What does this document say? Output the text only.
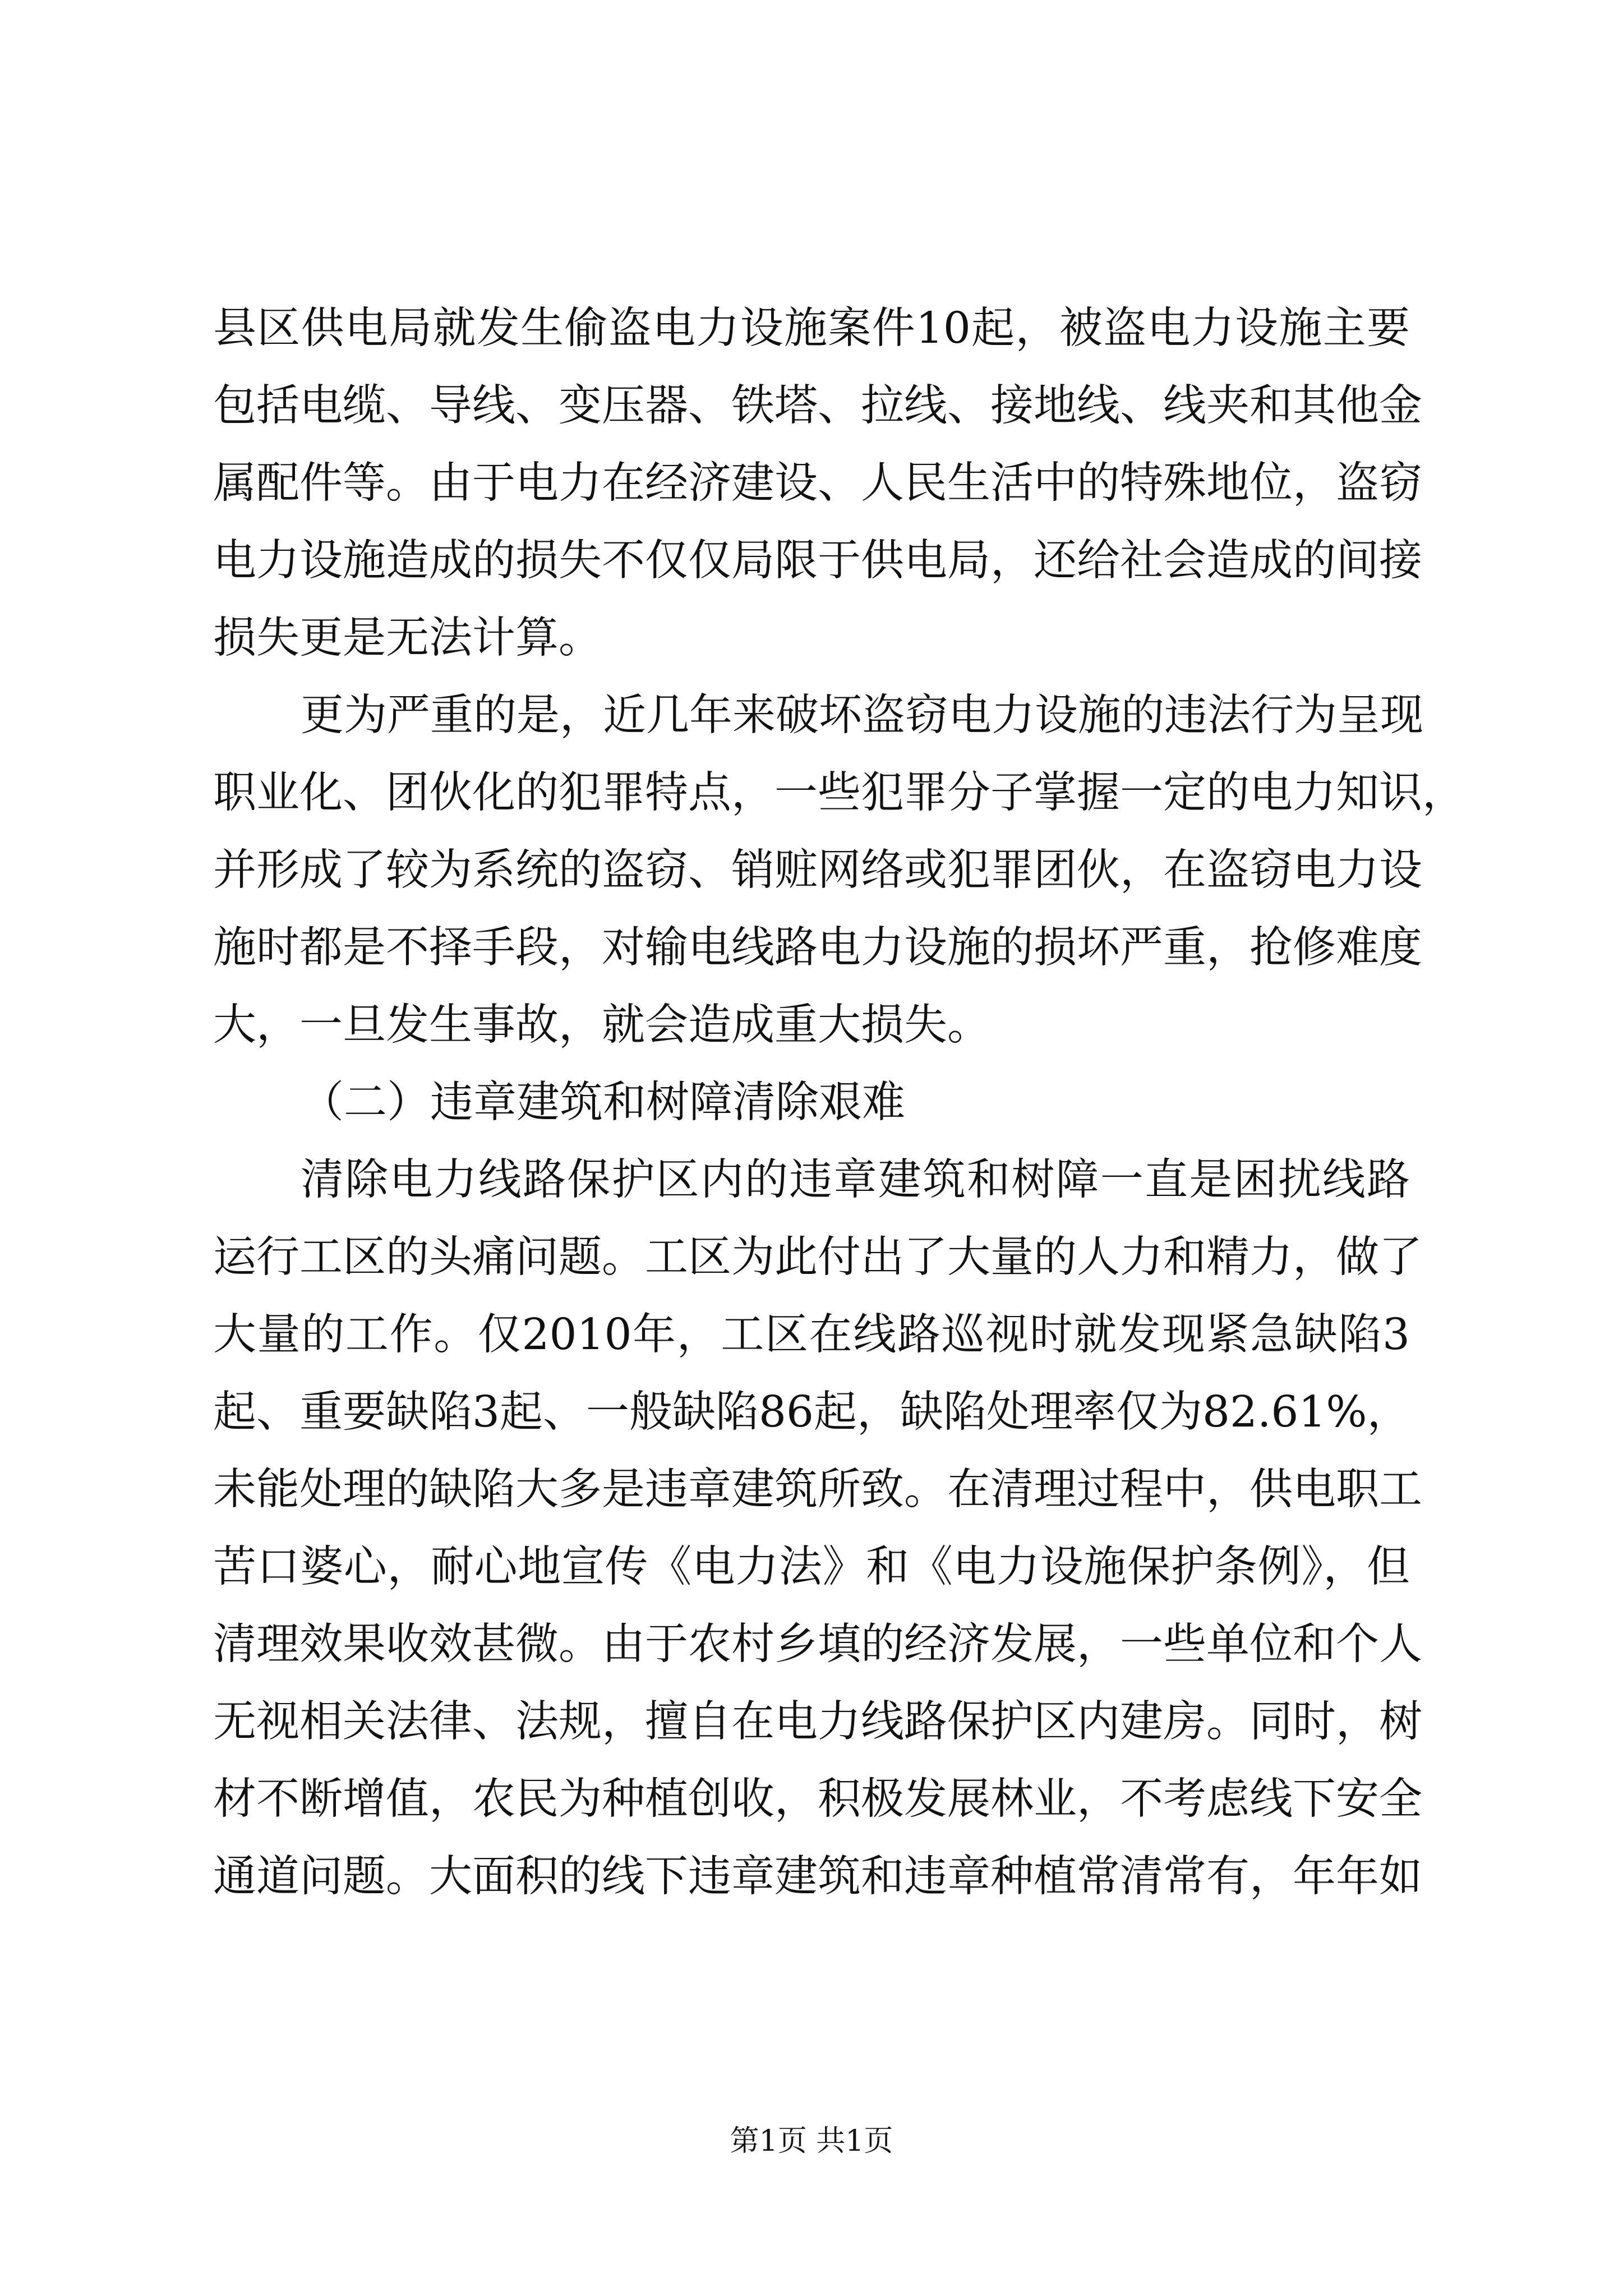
县区供电局就发生偷盗电力设施案件10起，被盗电力设施主要
包括电缆、导线、变压器、铁塔、拉线、接地线、线夹和其他金
属配件等。由于电力在经济建设、人民生活中的特殊地位，盗窃
电力设施造成的损失不仅仅局限于供电局，还给社会造成的间接
损失更是无法计算。
更为严重的是，近几年来破坏盗窃电力设施的违法行为呈现
职业化、团伙化的犯罪特点，一些犯罪分子掌握一定的电力知识，
并形成了较为系统的盗窃、销赃网络或犯罪团伙，在盗窃电力设
施时都是不择手段，对输电线路电力设施的损坏严重，抢修难度
大，一旦发生事故，就会造成重大损失。
（二）违章建筑和树障清除艰难
清除电力线路保护区内的违章建筑和树障一直是困扰线路
运行工区的头痛问题。工区为此付出了大量的人力和精力，做了
大量的工作。仅2010年，工区在线路巡视时就发现紧急缺陷3
起、重要缺陷3起、一般缺陷86起，缺陷处理率仅为82.61%，
未能处理的缺陷大多是违章建筑所致。在清理过程中，供电职工
苦口婆心，耐心地宣传《电力法》和《电力设施保护条例》，但
清理效果收效甚微。由于农村乡填的经济发展，一些单位和个人
无视相关法律、法规，擅自在电力线路保护区内建房。同时，树
材不断增值，农民为种植创收，积极发展林业，不考虑线下安全
通道问题。大面积的线下违章建筑和违章种植常清常有，年年如
第1页 共1页
